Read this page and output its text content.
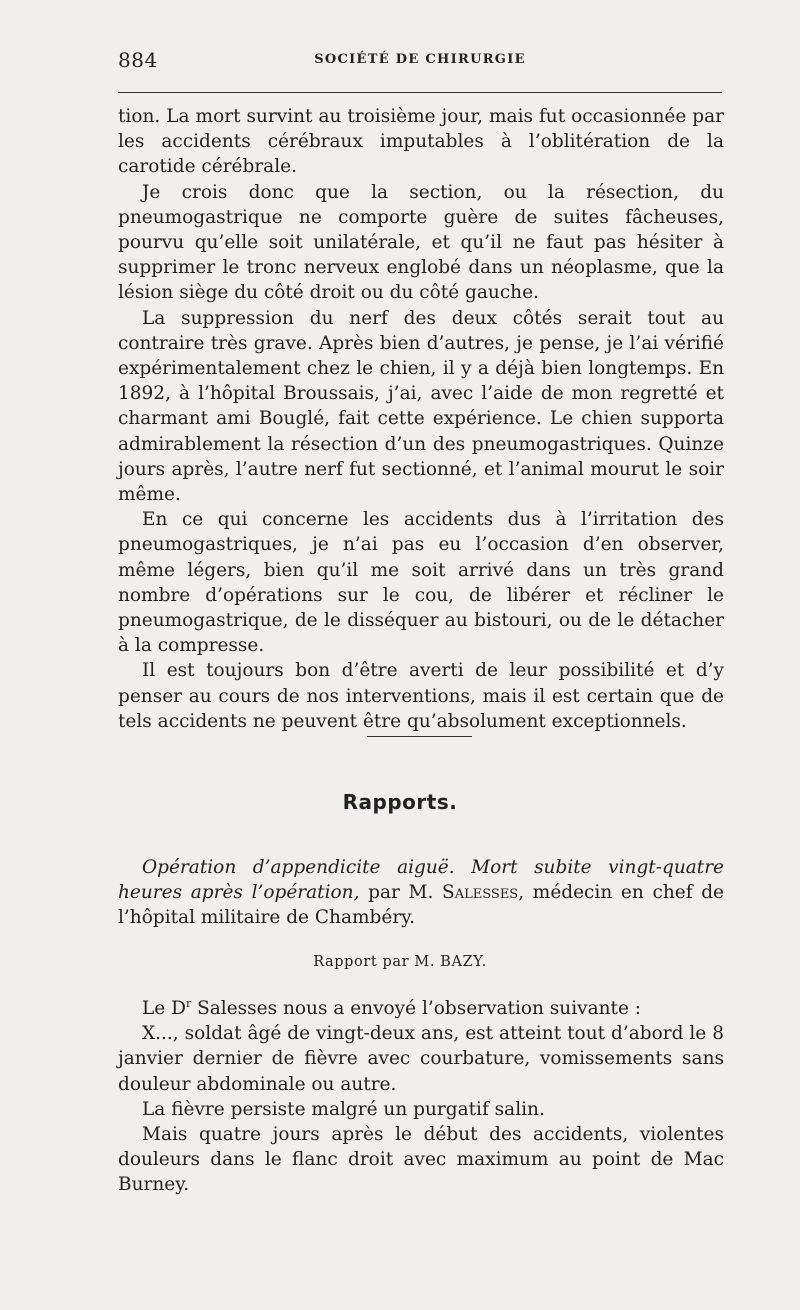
884	SOCIÉTÉ DE CHIRURGIE

tion. La mort survint au troisième jour, mais fut occasionnée par les accidents cérébraux imputables à l’oblitération de la carotide cérébrale.

Je crois donc que la section, ou la résection, du pneumogastrique ne comporte guère de suites fâcheuses, pourvu qu’elle soit unilatérale, et qu’il ne faut pas hésiter à supprimer le tronc nerveux englobé dans un néoplasme, que la lésion siège du côté droit ou du côté gauche.

La suppression du nerf des deux côtés serait tout au contraire très grave. Après bien d’autres, je pense, je l’ai vérifié expérimentalement chez le chien, il y a déjà bien longtemps. En 1892, à l’hôpital Broussais, j’ai, avec l’aide de mon regretté et charmant ami Bouglé, fait cette expérience. Le chien supporta admirablement la résection d’un des pneumogastriques. Quinze jours après, l’autre nerf fut sectionné, et l’animal mourut le soir même.

En ce qui concerne les accidents dus à l’irritation des pneumogastriques, je n’ai pas eu l’occasion d’en observer, même légers, bien qu’il me soit arrivé dans un très grand nombre d’opérations sur le cou, de libérer et récliner le pneumogastrique, de le disséquer au bistouri, ou de le détacher à la compresse.

Il est toujours bon d’être averti de leur possibilité et d’y penser au cours de nos interventions, mais il est certain que de tels accidents ne peuvent être qu’absolument exceptionnels.

Rapports.
Opération d’appendicite aiguë. Mort subite vingt-quatre heures après l’opération, par M. Salesses, médecin en chef de l’hôpital militaire de Chambéry.
Rapport par M. BAZY.

Le $D^r$ Salesses nous a envoyé l’observation suivante :

X..., soldat âgé de vingt-deux ans, est atteint tout d’abord le 8 janvier dernier de fièvre avec courbature, vomissements sans douleur abdominale ou autre.

La fièvre persiste malgré un purgatif salin.

Mais quatre jours après le début des accidents, violentes douleurs dans le flanc droit avec maximum au point de Mac Burney.
